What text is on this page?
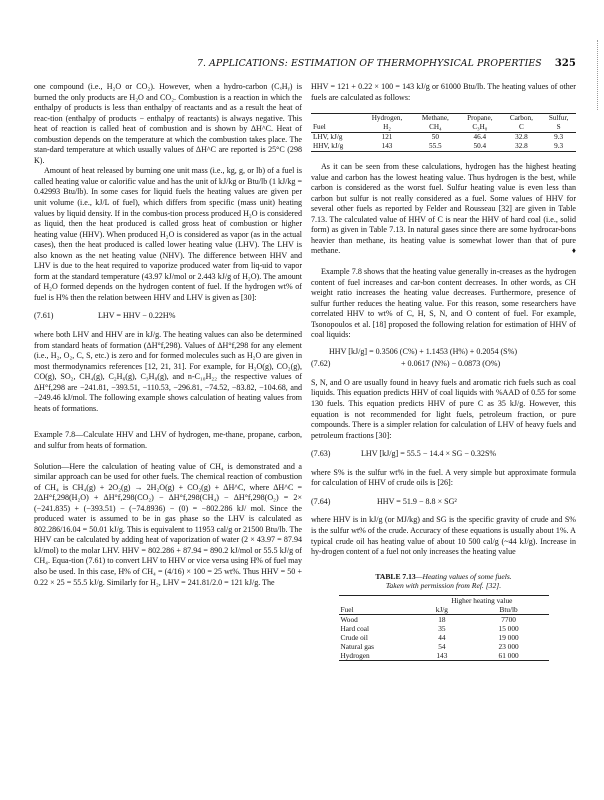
7. APPLICATIONS: ESTIMATION OF THERMOPHYSICAL PROPERTIES 325

one compound (i.e., H₂O or CO₂). However, when a hydro-carbon (CₓHᵧ) is burned the only products are H₂O and CO₂. Combustion is a reaction in which the enthalpy of products is less than enthalpy of reactants and as a result the heat of reac-tion (enthalpy of products − enthalpy of reactants) is always negative. This heat of reaction is called heat of combustion and is shown by ΔH^C. Heat of combustion depends on the temperature at which the combustion takes place. The stan-dard temperature at which usually values of ΔH^C are reported is 25°C (298 K).

Amount of heat released by burning one unit mass (i.e., kg, g, or lb) of a fuel is called heating value or calorific value and has the unit of kJ/kg or Btu/lb (1 kJ/kg = 0.42993 Btu/lb). In some cases for liquid fuels the heating values are given per unit volume (i.e., kJ/L of fuel), which differs from specific (mass unit) heating values by liquid density. If in the combus-tion process produced H₂O is considered as liquid, then the heat produced is called gross heat of combustion or higher heating value (HHV). When produced H₂O is considered as vapor (as in the actual cases), then the heat produced is called lower heating value (LHV). The LHV is also known as the net heating value (NHV). The difference between HHV and LHV is due to the heat required to vaporize produced water from liq-uid to vapor form at the standard temperature (43.97 kJ/mol or 2.443 kJ/g of H₂O). The amount of H₂O formed depends on the hydrogen content of fuel. If the hydrogen wt% of fuel is H% then the relation between HHV and LHV is given as [30]:

(7.61)	LHV = HHV − 0.22H%

where both LHV and HHV are in kJ/g. The heating values can also be determined from standard heats of formation (ΔH°f,298). Values of ΔH°f,298 for any element (i.e., H₂, O₂, C, S, etc.) is zero and for formed molecules such as H₂O are given in most thermodynamics references [12, 21, 31]. For example, for H₂O(g), CO₂(g), CO(g), SO₂, CH₄(g), C₂H₆(g), C₃H₈(g), and n-C₁₀H₂₂ the respective values of ΔH°f,298 are −241.81, −393.51, −110.53, −296.81, −74.52, −83.82, −104.68, and −249.46 kJ/mol. The following example shows calculation of heating values from heats of formations.

Example 7.8—Calculate HHV and LHV of hydrogen, me-thane, propane, carbon, and sulfur from heats of formation.

Solution—Here the calculation of heating value of CH₄ is demonstrated and a similar approach can be used for other fuels. The chemical reaction of combustion of CH₄ is CH₄(g) + 2O₂(g) → 2H₂O(g) + CO₂(g) + ΔH^C, where ΔH^C = 2ΔH°f,298(H₂O) + ΔH°f,298(CO₂) − ΔH°f,298(CH₄) − ΔH°f,298(O₂) = 2× (−241.835) + (−393.51) − (−74.8936) − (0) = −802.286 kJ/ mol. Since the produced water is assumed to be in gas phase so the LHV is calculated as 802.286/16.04 = 50.01 kJ/g. This is equivalent to 11953 cal/g or 21500 Btu/lb. The HHV can be calculated by adding heat of vaporization of water (2 × 43.97 = 87.94 kJ/mol) to the molar LHV. HHV = 802.286 + 87.94 = 890.2 kJ/mol or 55.5 kJ/g of CH₄. Equa-tion (7.61) to convert LHV to HHV or vice versa using H% of fuel may also be used. In this case, H% of CH₄ = (4/16) × 100 = 25 wt%. Thus HHV = 50 + 0.22 × 25 = 55.5 kJ/g. Similarly for H₂, LHV = 241.81/2.0 = 121 kJ/g. The

HHV = 121 + 0.22 × 100 = 143 kJ/g or 61000 Btu/lb. The heating values of other fuels are calculated as follows:

	Hydrogen,	Methane,	Propane,	Carbon,	Sulfur,
Fuel	H₂	CH₄	C₃H₈	C	S
LHV, kJ/g	121	50	46.4	32.8	9.3
HHV, kJ/g	143	55.5	50.4	32.8	9.3

As it can be seen from these calculations, hydrogen has the highest heating value and carbon has the lowest heating value. Thus hydrogen is the best, while carbon is considered as the worst fuel. Sulfur heating value is even less than carbon but sulfur is not really considered as a fuel. Some values of HHV for several other fuels as reported by Felder and Rousseau [32] are given in Table 7.13. The calculated value of HHV of C is near the HHV of hard coal (i.e., solid form) as given in Table 7.13. In natural gases since there are some hydrocar-bons heavier than methane, its heating value is somewhat lower than that of pure methane.	♦

Example 7.8 shows that the heating value generally in-creases as the hydrogen content of fuel increases and car-bon content decreases. In other words, as CH weight ratio increases the heating value decreases. Furthermore, presence of sulfur further reduces the heating value. For this reason, some researchers have correlated HHV to wt% of C, H, S, N, and O content of fuel. For example, Tsonopoulos et al. [18] proposed the following relation for estimation of HHV of coal liquids:

HHV [kJ/g] = 0.3506 (C%) + 1.1453 (H%) + 0.2054 (S%)
(7.62)	+ 0.0617 (N%) − 0.0873 (O%)

S, N, and O are usually found in heavy fuels and aromatic rich fuels such as coal liquids. This equation predicts HHV of coal liquids with %AAD of 0.55 for some 130 fuels. This equation predicts HHV of pure C as 35 kJ/g. However, this equation is not recommended for light fuels, petroleum fraction, or pure compounds. There is a simpler relation for calculation of LHV of heavy fuels and petroleum fractions [30]:

(7.63)	LHV [kJ/g] = 55.5 − 14.4 × SG − 0.32S%

where S% is the sulfur wt% in the fuel. A very simple but approximate formula for calculation of HHV of crude oils is [26]:

(7.64)	HHV = 51.9 − 8.8 × SG²

where HHV is in kJ/g (or MJ/kg) and SG is the specific gravity of crude and S% is the sulfur wt% of the crude. Accuracy of these equations is usually about 1%. A typical crude oil has heating value of about 10 500 cal/g (~44 kJ/g). Increase in hy-drogen content of a fuel not only increases the heating value

TABLE 7.13—Heating values of some fuels.
Taken with permission from Ref. [32].
	Higher heating value	
Fuel	kJ/g	Btu/lb
Wood	18	7700
Hard coal	35	15 000
Crude oil	44	19 000
Natural gas	54	23 000
Hydrogen	143	61 000
